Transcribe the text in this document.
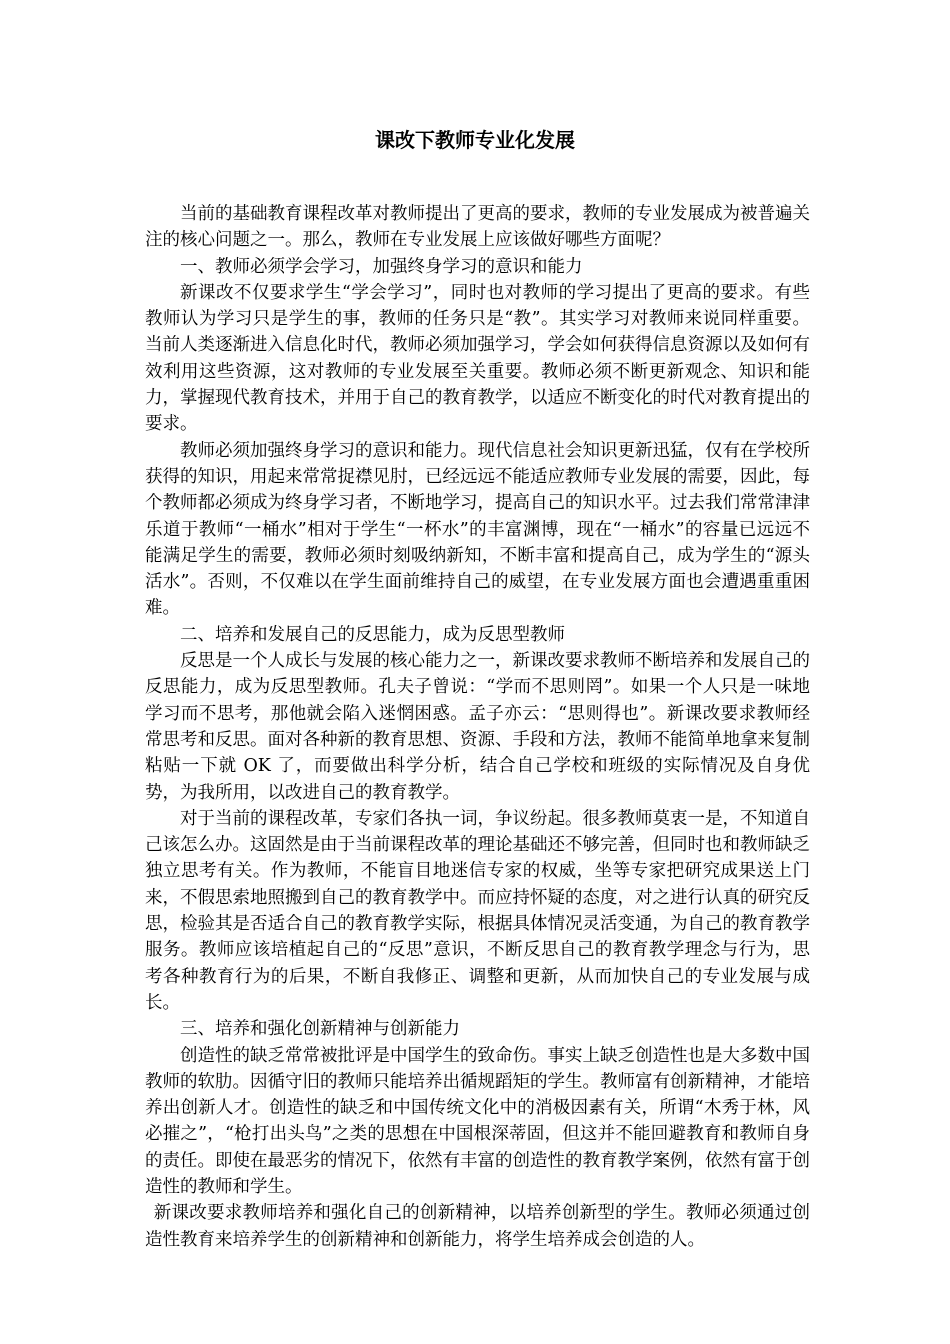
课改下教师专业化发展

当前的基础教育课程改革对教师提出了更高的要求，教师的专业发展成为被普遍关注的核心问题之一。那么，教师在专业发展上应该做好哪些方面呢？

一、教师必须学会学习，加强终身学习的意识和能力

新课改不仅要求学生“学会学习”，同时也对教师的学习提出了更高的要求。有些教师认为学习只是学生的事，教师的任务只是“教”。其实学习对教师来说同样重要。当前人类逐渐进入信息化时代，教师必须加强学习，学会如何获得信息资源以及如何有效利用这些资源，这对教师的专业发展至关重要。教师必须不断更新观念、知识和能力，掌握现代教育技术，并用于自己的教育教学，以适应不断变化的时代对教育提出的要求。

教师必须加强终身学习的意识和能力。现代信息社会知识更新迅猛，仅有在学校所获得的知识，用起来常常捉襟见肘，已经远远不能适应教师专业发展的需要，因此，每个教师都必须成为终身学习者，不断地学习，提高自己的知识水平。过去我们常常津津乐道于教师“一桶水”相对于学生“一杯水”的丰富渊博，现在“一桶水”的容量已远远不能满足学生的需要，教师必须时刻吸纳新知，不断丰富和提高自己，成为学生的“源头活水”。否则，不仅难以在学生面前维持自己的威望，在专业发展方面也会遭遇重重困难。

二、培养和发展自己的反思能力，成为反思型教师

反思是一个人成长与发展的核心能力之一，新课改要求教师不断培养和发展自己的反思能力，成为反思型教师。孔夫子曾说：“学而不思则罔”。如果一个人只是一味地学习而不思考，那他就会陷入迷惘困惑。孟子亦云：“思则得也”。新课改要求教师经常思考和反思。面对各种新的教育思想、资源、手段和方法，教师不能简单地拿来复制粘贴一下就 OK 了，而要做出科学分析，结合自己学校和班级的实际情况及自身优势，为我所用，以改进自己的教育教学。

对于当前的课程改革，专家们各执一词，争议纷起。很多教师莫衷一是，不知道自己该怎么办。这固然是由于当前课程改革的理论基础还不够完善，但同时也和教师缺乏独立思考有关。作为教师，不能盲目地迷信专家的权威，坐等专家把研究成果送上门来，不假思索地照搬到自己的教育教学中。而应持怀疑的态度，对之进行认真的研究反思，检验其是否适合自己的教育教学实际，根据具体情况灵活变通，为自己的教育教学服务。教师应该培植起自己的“反思”意识，不断反思自己的教育教学理念与行为，思考各种教育行为的后果，不断自我修正、调整和更新，从而加快自己的专业发展与成长。

三、培养和强化创新精神与创新能力

创造性的缺乏常常被批评是中国学生的致命伤。事实上缺乏创造性也是大多数中国教师的软肋。因循守旧的教师只能培养出循规蹈矩的学生。教师富有创新精神，才能培养出创新人才。创造性的缺乏和中国传统文化中的消极因素有关，所谓“木秀于林，风必摧之”，“枪打出头鸟”之类的思想在中国根深蒂固，但这并不能回避教育和教师自身的责任。即使在最恶劣的情况下，依然有丰富的创造性的教育教学案例，依然有富于创造性的教师和学生。

新课改要求教师培养和强化自己的创新精神，以培养创新型的学生。教师必须通过创造性教育来培养学生的创新精神和创新能力，将学生培养成会创造的人。
